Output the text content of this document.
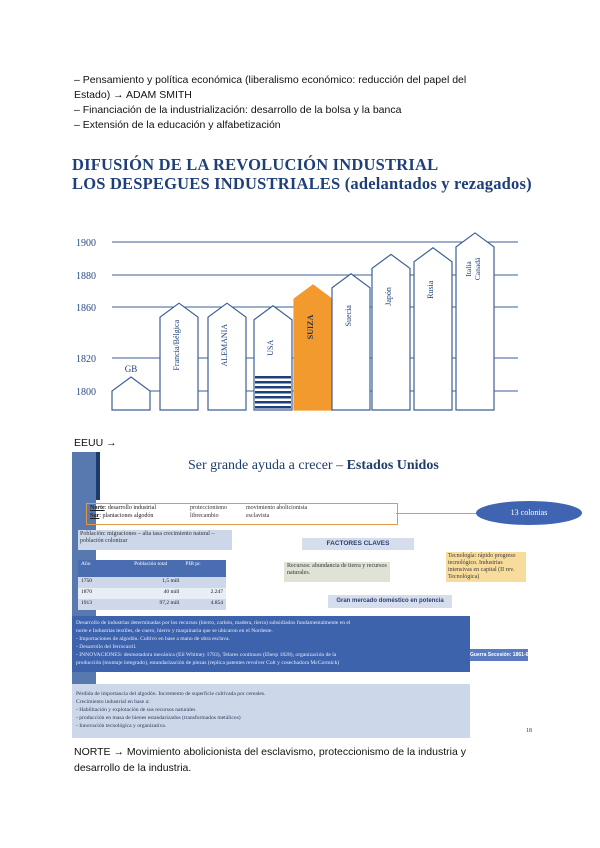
– Pensamiento y política económica (liberalismo económico: reducción del papel del
Estado) → ADAM SMITH
– Financiación de la industrialización: desarrollo de la bolsa y la banca
– Extensión de la educación y alfabetización
DIFUSIÓN DE LA REVOLUCIÓN INDUSTRIAL
LOS DESPEGUES INDUSTRIALES (adelantados y rezagados)
1900
1880
1860
1820
1800
GB	Francia/Bélgica	ALEMANIA	USA
SUIZA	Suecia
Japón	Rusia
Italia Canadá
EEUU →
Ser grande ayuda a crecer – Estados Unidos
Norte: desarrollo industrial
Sur: plantaciones algodón
proteccionismo
librecambio
movimiento abolicionista
esclavista	13 colonias
Población: migraciones – alta tasa crecimiento natural – población colonizar	FACTORES CLAVES
Tecnología: rápido progreso tecnológico. Industrias intensivas en capital (II rev. Tecnológica)
Año	Población total	PIB pc
1750	1,5 mill
1870	40 mill	2.247
1913	97,2 mill	4.854
Recursos: abundancia de tierra y recursos naturales.
Gran mercado doméstico en potencia
Desarrollo de industrias determinadas por los recursos (hierro, carbón, madera, tierra) subsidiados fundamentalmente en el
norte e Industrias textiles, de cuero, hierro y maquinaria que se ubicaron en el Nordeste.
- Importaciones de algodón. Cultivo en base a mano de obra esclava.
- Desarrollo del ferrocarril.
- INNOVACIONES: desmotadora mecánica (Eli Whitney 1793), Telares continuos (Eberp 1828), organización de la
producción (montaje integrado), estandarización de piezas (replica patentes revolver Colt y cosechadora McCormick)
Guerra Secesión: 1861-65
Pérdida de importancia del algodón. Incremento de superficie cultivada por cereales.
Crecimiento industrial en base a:
- Habilitación y explotación de sus recursos naturales
- producción en masa de bienes estandarizados (transformados metálicos)
- Innovación tecnológica y organizativa.
18
NORTE → Movimiento abolicionista del esclavismo, proteccionismo de la industria y
desarrollo de la industria.
